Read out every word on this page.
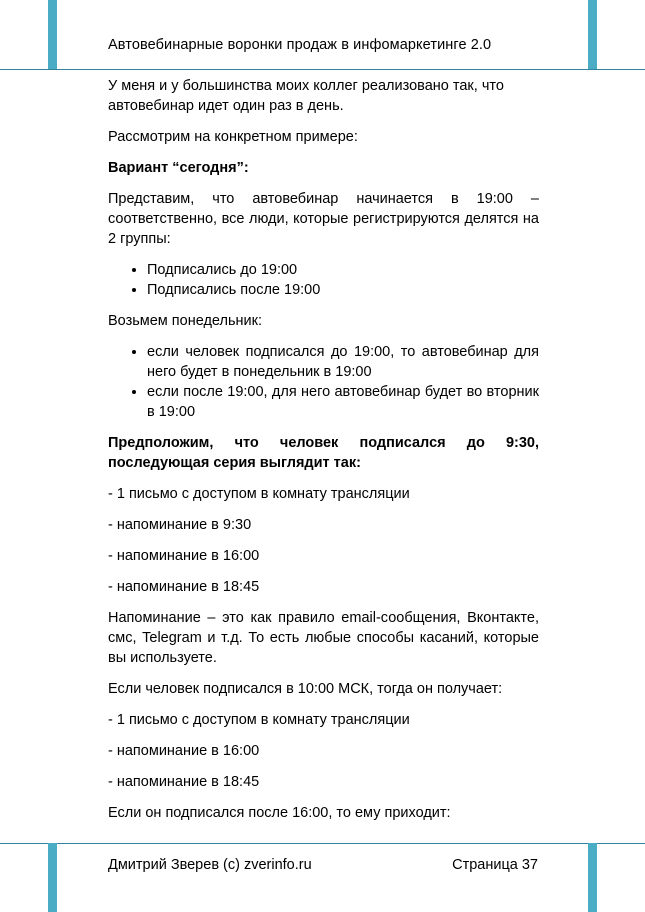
Автовебинарные воронки продаж в инфомаркетинге 2.0

У меня и у большинства моих коллег реализовано так, что автовебинар идет один раз в день.

Рассмотрим на конкретном примере:

Вариант “сегодня”:

Представим, что автовебинар начинается в 19:00 – соответственно, все люди, которые регистрируются делятся на 2 группы:

• Подписались до 19:00
• Подписались после 19:00

Возьмем понедельник:

• если человек подписался до 19:00, то автовебинар для него будет в понедельник в 19:00
• если после 19:00, для него автовебинар будет во вторник в 19:00

Предположим, что человек подписался до 9:30, последующая серия выглядит так:

- 1 письмо с доступом в комнату трансляции

- напоминание в 9:30

- напоминание в 16:00

- напоминание в 18:45

Напоминание – это как правило email-сообщения, Вконтакте, смс, Telegram и т.д. То есть любые способы касаний, которые вы используете.

Если человек подписался в 10:00 МСК, тогда он получает:

- 1 письмо с доступом в комнату трансляции

- напоминание в 16:00

- напоминание в 18:45

Если он подписался после 16:00, то ему приходит:

Дмитрий Зверев (c) zverinfo.ru	Страница 37
